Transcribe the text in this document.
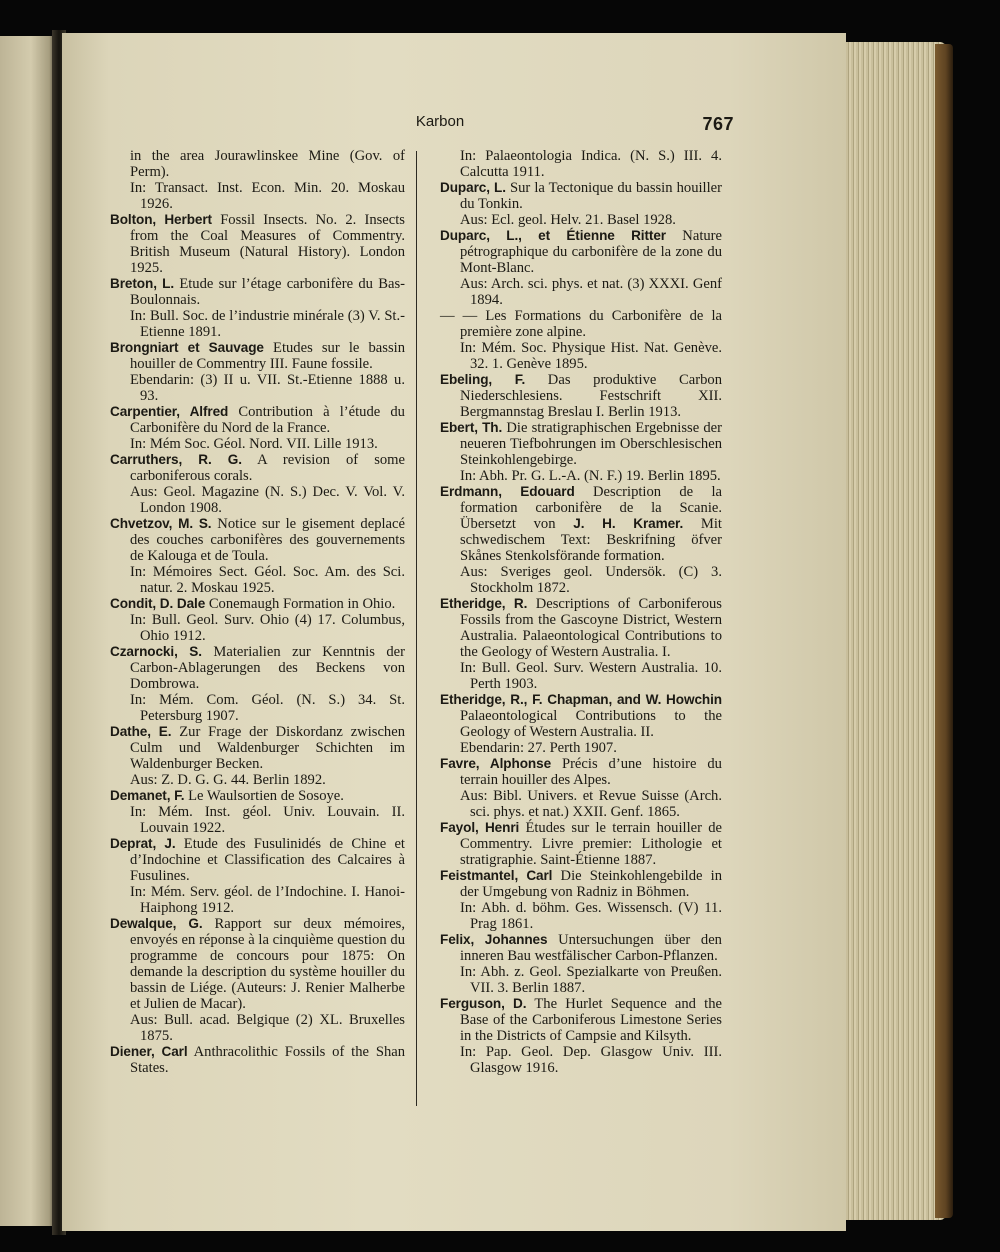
Karbon	767
in the area Jourawlinskee Mine (Gov. of Perm).
In: Transact. Inst. Econ. Min. 20. Moskau 1926.
Bolton, Herbert Fossil Insects. No. 2. Insects from the Coal Measures of Commentry. British Museum (Natural History). London 1925.
Breton, L. Etude sur l’étage carbonifère du Bas-Boulonnais.
In: Bull. Soc. de l’industrie minérale (3) V. St.-Etienne 1891.
Brongniart et Sauvage Etudes sur le bassin houiller de Commentry III. Faune fossile.
Ebendarin: (3) II u. VII. St.-Etienne 1888 u. 93.
Carpentier, Alfred Contribution à l’étude du Carbonifère du Nord de la France.
In: Mém Soc. Géol. Nord. VII. Lille 1913.
Carruthers, R. G. A revision of some carboniferous corals.
Aus: Geol. Magazine (N. S.) Dec. V. Vol. V. London 1908.
Chvetzov, M. S. Notice sur le gisement deplacé des couches carbonifères des gouvernements de Kalouga et de Toula.
In: Mémoires Sect. Géol. Soc. Am. des Sci. natur. 2. Moskau 1925.
Condit, D. Dale Conemaugh Formation in Ohio.
In: Bull. Geol. Surv. Ohio (4) 17. Columbus, Ohio 1912.
Czarnocki, S. Materialien zur Kenntnis der Carbon-Ablagerungen des Beckens von Dombrowa.
In: Mém. Com. Géol. (N. S.) 34. St. Petersburg 1907.
Dathe, E. Zur Frage der Diskordanz zwischen Culm und Waldenburger Schichten im Waldenburger Becken.
Aus: Z. D. G. G. 44. Berlin 1892.
Demanet, F. Le Waulsortien de Sosoye.
In: Mém. Inst. géol. Univ. Louvain. II. Louvain 1922.
Deprat, J. Etude des Fusulinidés de Chine et d’Indochine et Classification des Calcaires à Fusulines.
In: Mém. Serv. géol. de l’Indochine. I. Hanoi-Haiphong 1912.
Dewalque, G. Rapport sur deux mémoires, envoyés en réponse à la cinquième question du programme de concours pour 1875: On demande la description du système houiller du bassin de Liége. (Auteurs: J. Renier Malherbe et Julien de Macar).
Aus: Bull. acad. Belgique (2) XL. Bruxelles 1875.
Diener, Carl Anthracolithic Fossils of the Shan States.
In: Palaeontologia Indica. (N. S.) III. 4. Calcutta 1911.
Duparc, L. Sur la Tectonique du bassin houiller du Tonkin.
Aus: Ecl. geol. Helv. 21. Basel 1928.
Duparc, L., et Étienne Ritter Nature pétrographique du carbonifère de la zone du Mont-Blanc.
Aus: Arch. sci. phys. et nat. (3) XXXI. Genf 1894.
— — Les Formations du Carbonifère de la première zone alpine.
In: Mém. Soc. Physique Hist. Nat. Genève. 32. 1. Genève 1895.
Ebeling, F. Das produktive Carbon Niederschlesiens. Festschrift XII. Bergmannstag Breslau I. Berlin 1913.
Ebert, Th. Die stratigraphischen Ergebnisse der neueren Tiefbohrungen im Oberschlesischen Steinkohlengebirge.
In: Abh. Pr. G. L.-A. (N. F.) 19. Berlin 1895.
Erdmann, Edouard Description de la formation carbonifère de la Scanie. Übersetzt von J. H. Kramer. Mit schwedischem Text: Beskrifning öfver Skånes Stenkolsförande formation.
Aus: Sveriges geol. Undersök. (C) 3. Stockholm 1872.
Etheridge, R. Descriptions of Carboniferous Fossils from the Gascoyne District, Western Australia. Palaeontological Contributions to the Geology of Western Australia. I.
In: Bull. Geol. Surv. Western Australia. 10. Perth 1903.
Etheridge, R., F. Chapman, and W. Howchin Palaeontological Contributions to the Geology of Western Australia. II.
Ebendarin: 27. Perth 1907.
Favre, Alphonse Précis d’une histoire du terrain houiller des Alpes.
Aus: Bibl. Univers. et Revue Suisse (Arch. sci. phys. et nat.) XXII. Genf. 1865.
Fayol, Henri Études sur le terrain houiller de Commentry. Livre premier: Lithologie et stratigraphie. Saint-Étienne 1887.
Feistmantel, Carl Die Steinkohlengebilde in der Umgebung von Radniz in Böhmen.
In: Abh. d. böhm. Ges. Wissensch. (V) 11. Prag 1861.
Felix, Johannes Untersuchungen über den inneren Bau westfälischer Carbon-Pflanzen.
In: Abh. z. Geol. Spezialkarte von Preußen. VII. 3. Berlin 1887.
Ferguson, D. The Hurlet Sequence and the Base of the Carboniferous Limestone Series in the Districts of Campsie and Kilsyth.
In: Pap. Geol. Dep. Glasgow Univ. III. Glasgow 1916.
